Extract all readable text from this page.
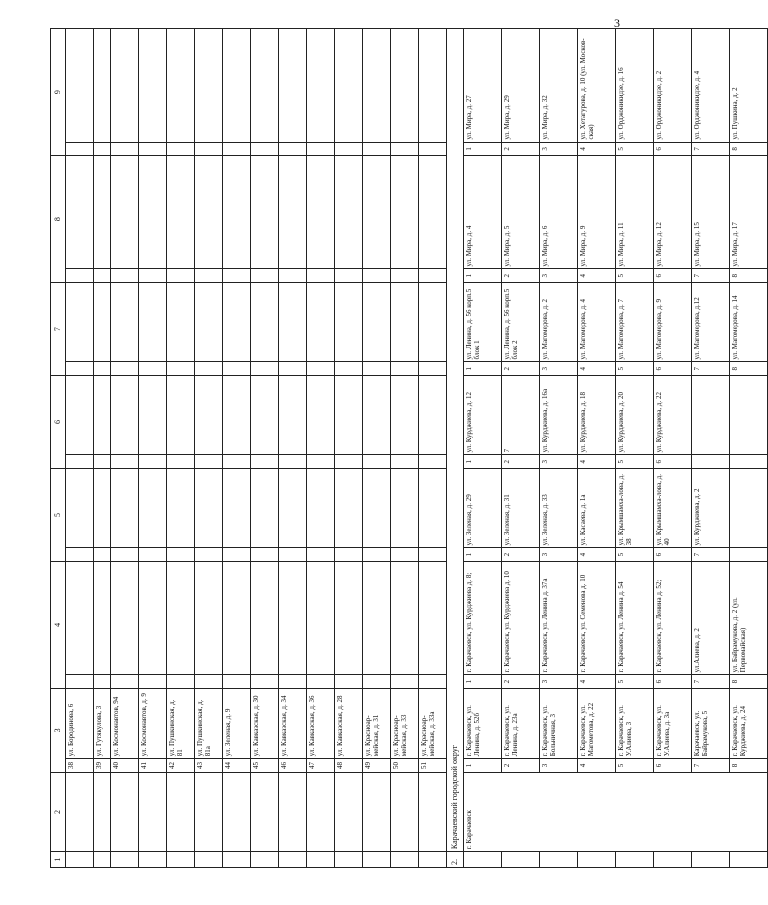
3
1	2	3		4		5		6		7		8		9	
		38	ул. Бородинова, 6												
		39	ул. Гутякулова, 3												
		40	ул. Космонавтов, 94												
		41	ул. Космонавтов, д. 9												
		42	ул. Пушкинская, д. 81												
		43	ул. Пушкинская, д. 81а												
		44	ул. Зеленая, д. 9												
		45	ул. Кавказская, д. 30												
		46	ул. Кавказская, д. 34												
		47	ул. Кавказская, д. 36												
		48	ул. Кавказская, д. 28												
		49	ул. Красноар-мейская, д. 31												
		50	ул. Красноар-мейская, д. 33												
		51	ул. Красноар-мейская, д. 33а												
2.	Карачаевский городской округ														
	г. Карачаевск	1	г. Карачаевск, ул. Ленина, д. 52б	1	г. Карачаевск, ул. Курджиева д. 8;	1	ул. Зеленая, д. 29	1	ул. Курджиева, д. 12	1	ул. Ленина, д. 56 корп.5 блок 1	1	ул. Мира, д. 4	1	ул. Мира, д. 27
		2	г. Карачаевск, ул. Ленина, д. 23а	2	г. Карачаевск, ул. Курджиева д. 10	2	ул. Зеленая, д. 31	2	7	2	ул. Ленина, д. 56 корп.5 блок 2	2	ул. Мира, д. 5	2	ул. Мира, д. 29
		3	г. Карачаевск, ул. Больничная, 3	3	г. Карачаевск, ул. Ленина д. 37а	3	ул. Зеленая, д. 33	3	ул. Курджиева, д. 16а	3	ул. Магомедова, д. 2	3	ул. Мира, д. 6	3	ул. Мира, д. 32
		4	г. Карачаевск, ул. Магометова, д. 22	4	г. Карачаевск, ул. Семенова д. 10	4	ул. Касаева, д. 1а	4	ул. Курджиева, д. 18	4	ул. Магомедова, д. 4	4	ул. Мира, д. 9	4	ул. Хетагурова, д. 10 (ул. Москов-ская)
		5	г. Карачаевск, ул. У.Алиева, 3	5	г. Карачаевск, ул. Ленина д. 54	5	ул. Крымшамха-лова, д. 38	5	ул. Курджиева, д. 20	5	ул. Магомедова, д. 7	5	ул. Мира, д. 11	5	ул. Орджоникидзе, д. 16
		6	г. Карачаевск, ул. У.Алиева, д. 3а	6	г. Карачаевск, ул. Ленина д. 52;	6	ул. Крымшамха-лова, д. 40	6	ул. Курджиева, д. 22	6	ул. Магомедова, д. 9	6	ул. Мира, д. 12	6	ул. Орджоникидзе, д. 2
		7	Карачаевск, ул. Байрамукова, 5	7	ул.Алиева, д. 2	7	ул. Курджиева, д. 2			7	ул. Магомедова, д.12	7	ул. Мира, д. 15	7	ул. Орджоникидзе, д. 4
		8	г. Карачаевск, ул. Курджиева, д. 24	8	ул. Байрамукова, д. 2 (ул. Первомайская)					8	ул. Магомедова, д. 14	8	ул. Мира, д. 17	8	ул. Пушкина, д. 2
